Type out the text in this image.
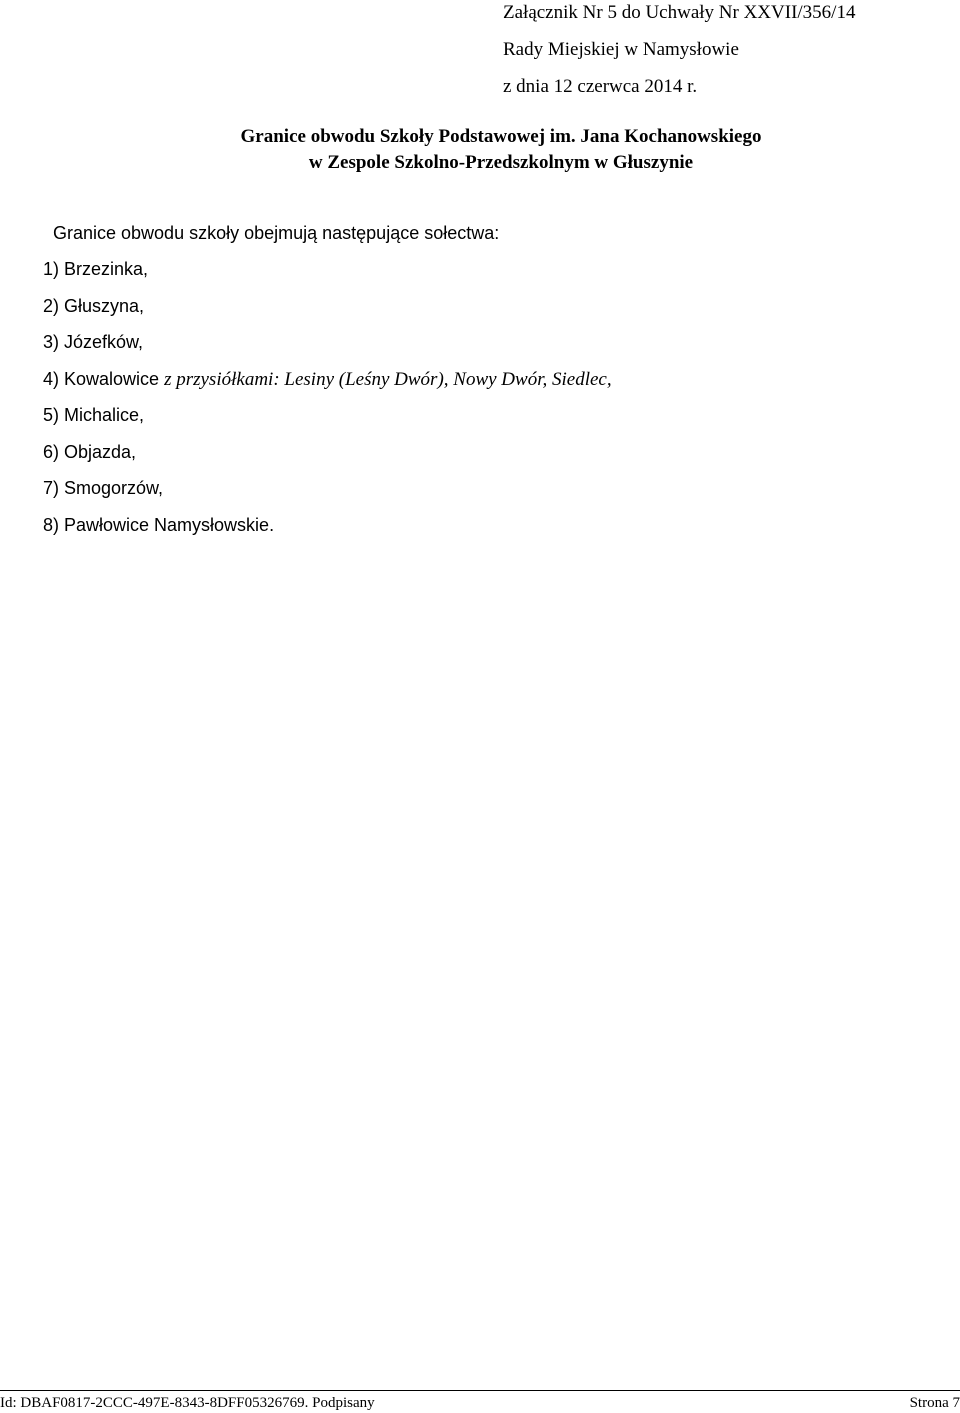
Załącznik Nr 5 do Uchwały Nr XXVII/356/14
Rady Miejskiej w Namysłowie
z dnia 12 czerwca 2014 r.
Granice obwodu Szkoły Podstawowej im. Jana Kochanowskiego
w Zespole Szkolno-Przedszkolnym w Głuszynie
Granice obwodu szkoły obejmują następujące sołectwa:
1) Brzezinka,
2) Głuszyna,
3) Józefków,
4) Kowalowice z przysiółkami: Lesiny (Leśny Dwór), Nowy Dwór, Siedlec,
5) Michalice,
6) Objazda,
7) Smogorzów,
8) Pawłowice Namysłowskie.
Id: DBAF0817-2CCC-497E-8343-8DFF05326769. Podpisany	Strona 7
